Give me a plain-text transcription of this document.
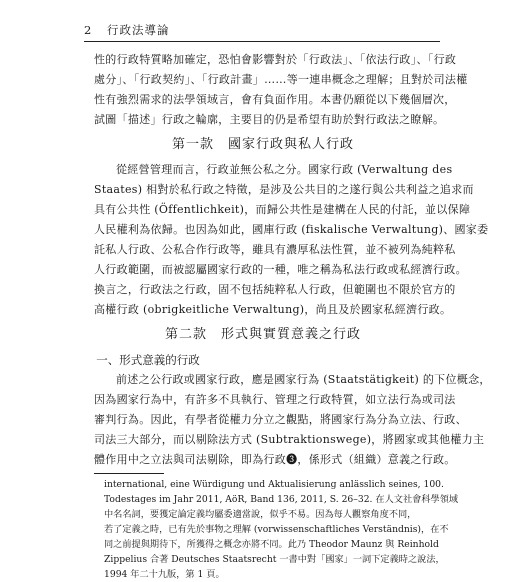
2 行政法導論
性的行政特質略加確定，恐怕會影響對於「行政法」、「依法行政」、「行政
處分」、「行政契約」、「行政計畫」……等一連串概念之理解；且對於司法權
性有強烈需求的法學領域言，會有負面作用。本書仍願從以下幾個層次，
試圖「描述」行政之輪廓，主要目的仍是希望有助於對行政法之瞭解。
第一款　國家行政與私人行政
從經營管理而言，行政並無公私之分。國家行政 (Verwaltung des
Staates) 相對於私行政之特徵，是涉及公共目的之遂行與公共利益之追求而
具有公共性 (Öffentlichkeit)，而歸公共性是建構在人民的付託，並以保障
人民權利為依歸。也因為如此，國庫行政 (fiskalische Verwaltung)、國家委
託私人行政、公私合作行政等，雖具有濃厚私法性質，並不被列為純粹私
人行政範圍，而被認屬國家行政的一種，唯之稱為私法行政或私經濟行政。
換言之，行政法之行政，固不包括純粹私人行政，但範圍也不限於官方的
高權行政 (obrigkeitliche Verwaltung)，尚且及於國家私經濟行政。
第二款　形式與實質意義之行政
一、形式意義的行政
前述之公行政或國家行政，應是國家行為 (Staatstätigkeit) 的下位概念，
因為國家行為中，有許多不具執行、管理之行政特質，如立法行為或司法
審判行為。因此，有學者從權力分立之觀點，將國家行為分為立法、行政、
司法三大部分，而以剔除法方式 (Subtraktionswege)，將國家或其他權力主
體作用中之立法與司法剔除，即為行政❸，係形式（組織）意義之行政。
international, eine Würdigung und Aktualisierung anlässlich seines, 100.
Todestages im Jahr 2011, AöR, Band 136, 2011, S. 26–32. 在人文社會科學領域
中名名詞，要獲定論定義均屬委適當說，似乎不易。因為每人觀察角度不同，
若了定義之時，已有先於事物之理解 (vorwissenschaftliches Verständnis)，在不
同之前提與期待下，所獲得之概念亦將不同。此乃 Theodor Maunz 與 Reinhold
Zippelius 合著 Deutsches Staatsrecht 一書中對「國家」一詞下定義時之說法，
1994 年二十九版，第 1 頁。
